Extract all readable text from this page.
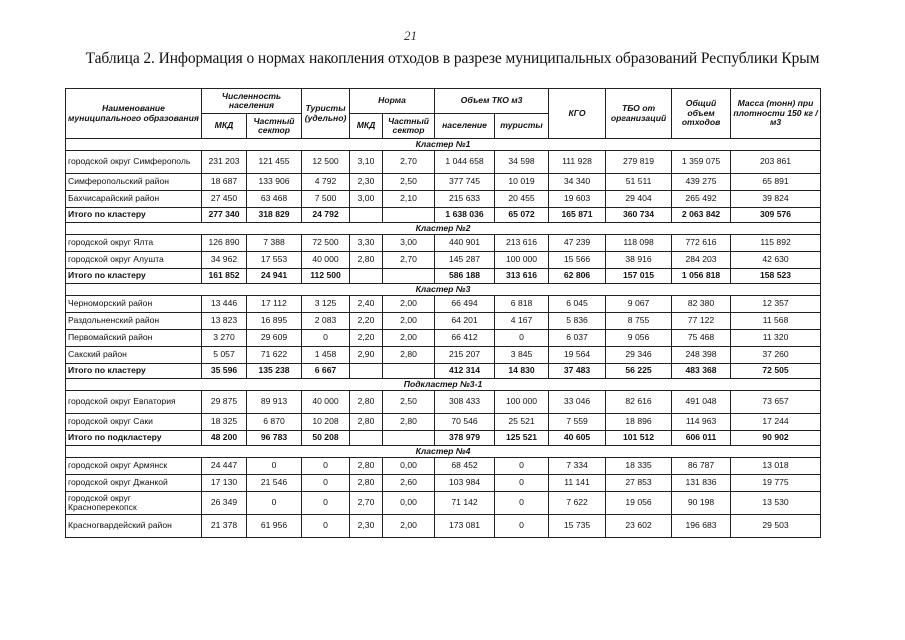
21
Таблица 2. Информация о нормах накопления отходов в разрезе муниципальных образований Республики Крым
Наименование муниципального образования	Численность населения		Туристы (удельно)	Норма		Объем ТКО м3		КГО	ТБО от организаций	Общий объем отходов	Масса (тонн) при плотности 150 кг / м3
	МКД	Частный сектор		МКД	Частный сектор	население	туристы				
Кластер №1											
городской округ Симферополь	231 203	121 455	12 500	3,10	2,70	1 044 658	34 598	111 928	279 819	1 359 075	203 861
Симферопольский район	18 687	133 906	4 792	2,30	2,50	377 745	10 019	34 340	51 511	439 275	65 891
Бахчисарайский район	27 450	63 468	7 500	3,00	2,10	215 633	20 455	19 603	29 404	265 492	39 824
Итого по кластеру	277 340	318 829	24 792			1 638 036	65 072	165 871	360 734	2 063 842	309 576
Кластер №2											
городской округ Ялта	126 890	7 388	72 500	3,30	3,00	440 901	213 616	47 239	118 098	772 616	115 892
городской округ Алушта	34 962	17 553	40 000	2,80	2,70	145 287	100 000	15 566	38 916	284 203	42 630
Итого по кластеру	161 852	24 941	112 500			586 188	313 616	62 806	157 015	1 056 818	158 523
Кластер №3											
Черноморский район	13 446	17 112	3 125	2,40	2,00	66 494	6 818	6 045	9 067	82 380	12 357
Раздольненский район	13 823	16 895	2 083	2,20	2,00	64 201	4 167	5 836	8 755	77 122	11 568
Первомайский район	3 270	29 609	0	2,20	2,00	66 412	0	6 037	9 056	75 468	11 320
Сакский район	5 057	71 622	1 458	2,90	2,80	215 207	3 845	19 564	29 346	248 398	37 260
Итого по кластеру	35 596	135 238	6 667			412 314	14 830	37 483	56 225	483 368	72 505
Подкластер №3-1											
городской округ Евпатория	29 875	89 913	40 000	2,80	2,50	308 433	100 000	33 046	82 616	491 048	73 657
городской округ Саки	18 325	6 870	10 208	2,80	2,80	70 546	25 521	7 559	18 896	114 963	17 244
Итого по подкластеру	48 200	96 783	50 208			378 979	125 521	40 605	101 512	606 011	90 902
Кластер №4											
городской округ Армянск	24 447	0	0	2,80	0,00	68 452	0	7 334	18 335	86 787	13 018
городской округ Джанкой	17 130	21 546	0	2,80	2,60	103 984	0	11 141	27 853	131 836	19 775
городской округ Красноперекопск	26 349	0	0	2,70	0,00	71 142	0	7 622	19 056	90 198	13 530
Красногвардейский район	21 378	61 956	0	2,30	2,00	173 081	0	15 735	23 602	196 683	29 503
